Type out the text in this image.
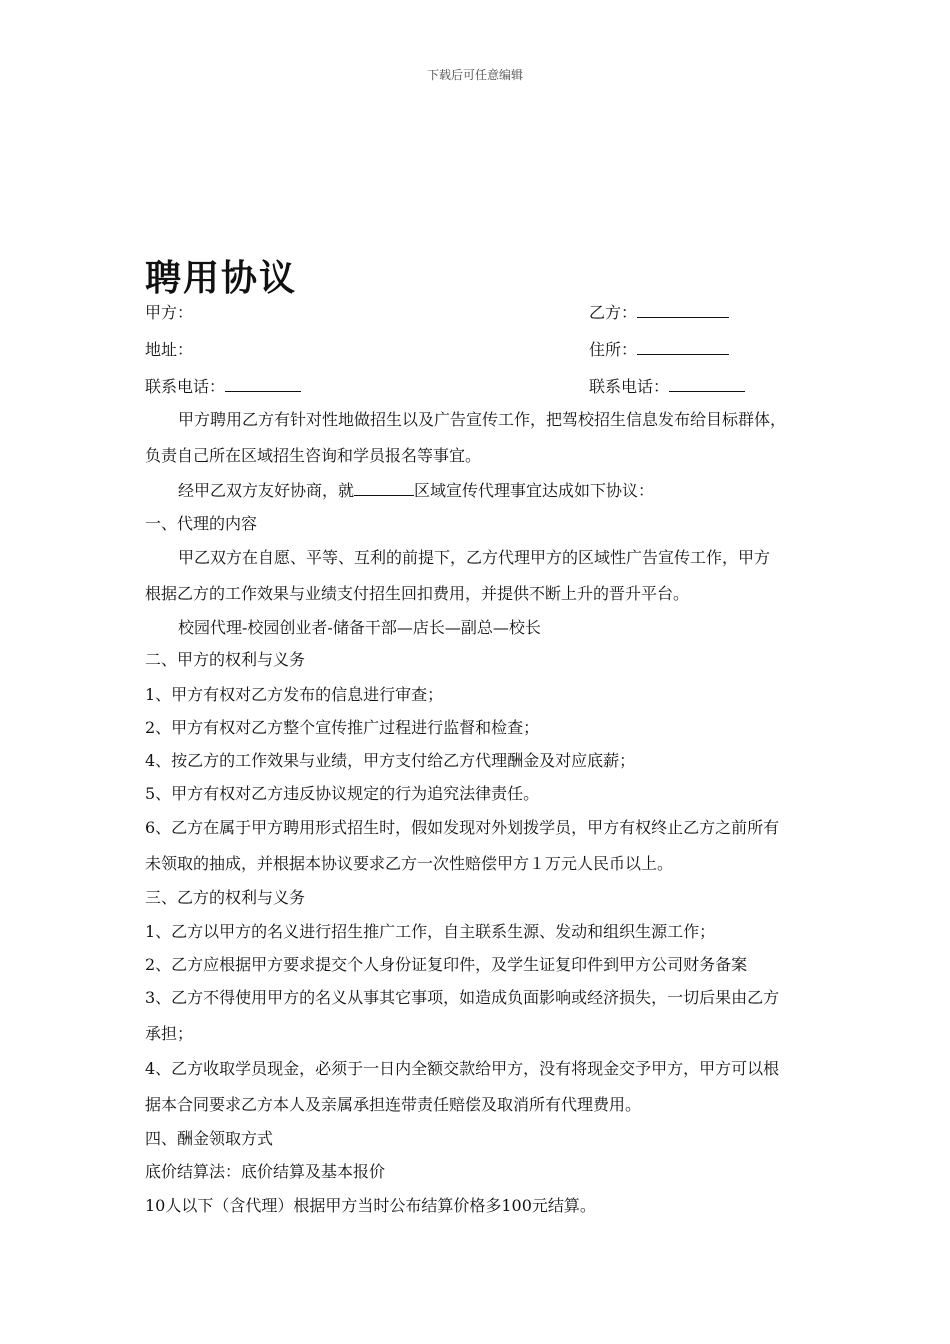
下载后可任意编辑
聘用协议
甲方：	乙方：
地址：	住所：
联系电话：	联系电话：
甲方聘用乙方有针对性地做招生以及广告宣传工作，把驾校招生信息发布给目标群体，
负责自己所在区域招生咨询和学员报名等事宜。
经甲乙双方友好协商，就	区域宣传代理事宜达成如下协议：
一、代理的内容
甲乙双方在自愿、平等、互利的前提下，乙方代理甲方的区域性广告宣传工作，甲方
根据乙方的工作效果与业绩支付招生回扣费用，并提供不断上升的晋升平台。
校园代理-校园创业者-储备干部—店长—副总—校长
二、甲方的权利与义务
1、甲方有权对乙方发布的信息进行审查；
2、甲方有权对乙方整个宣传推广过程进行监督和检查；
4、按乙方的工作效果与业绩，甲方支付给乙方代理酬金及对应底薪；
5、甲方有权对乙方违反协议规定的行为追究法律责任。
6、乙方在属于甲方聘用形式招生时，假如发现对外划拨学员，甲方有权终止乙方之前所有
未领取的抽成，并根据本协议要求乙方一次性赔偿甲方１万元人民币以上。
三、乙方的权利与义务
1、乙方以甲方的名义进行招生推广工作，自主联系生源、发动和组织生源工作；
2、乙方应根据甲方要求提交个人身份证复印件，及学生证复印件到甲方公司财务备案
3、乙方不得使用甲方的名义从事其它事项，如造成负面影响或经济损失，一切后果由乙方
承担；
4、乙方收取学员现金，必须于一日内全额交款给甲方，没有将现金交予甲方，甲方可以根
据本合同要求乙方本人及亲属承担连带责任赔偿及取消所有代理费用。
四、酬金领取方式
底价结算法：底价结算及基本报价
10人以下（含代理）根据甲方当时公布结算价格多100元结算。
